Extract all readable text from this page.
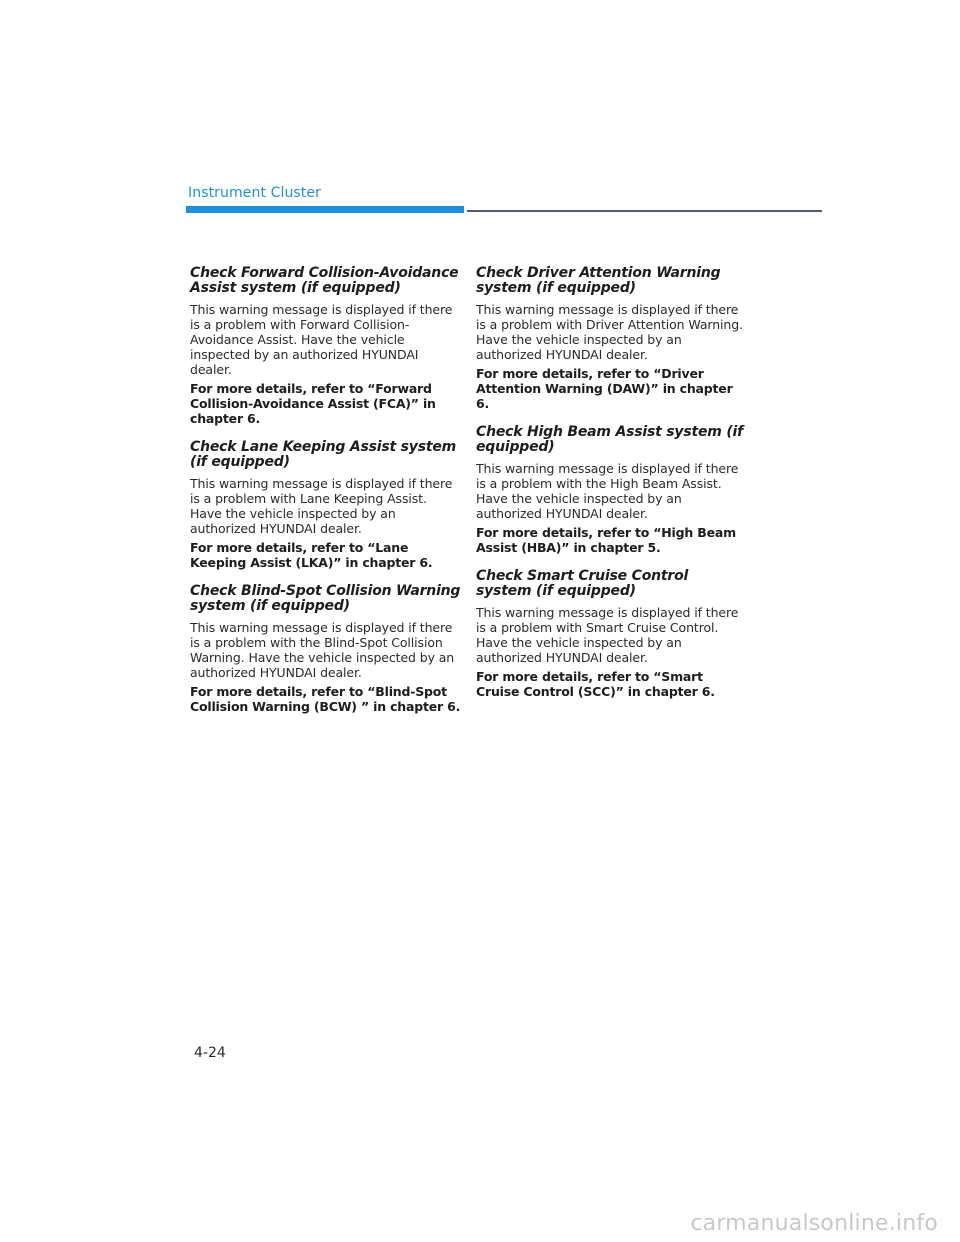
Instrument Cluster
Check Forward Collision-Avoidance Assist system (if equipped)

This warning message is displayed if there is a problem with Forward Collision-Avoidance Assist. Have the vehicle inspected by an authorized HYUNDAI dealer.

For more details, refer to “Forward Collision-Avoidance Assist (FCA)” in chapter 6.

Check Lane Keeping Assist system (if equipped)

This warning message is displayed if there is a problem with Lane Keeping Assist. Have the vehicle inspected by an authorized HYUNDAI dealer.

For more details, refer to “Lane Keeping Assist (LKA)” in chapter 6.

Check Blind-Spot Collision Warning system (if equipped)

This warning message is displayed if there is a problem with the Blind-Spot Collision Warning. Have the vehicle inspected by an authorized HYUNDAI dealer.

For more details, refer to “Blind-Spot Collision Warning (BCW) ” in chapter 6.

Check Driver Attention Warning system (if equipped)

This warning message is displayed if there is a problem with Driver Attention Warning. Have the vehicle inspected by an authorized HYUNDAI dealer.

For more details, refer to “Driver Attention Warning (DAW)” in chapter 6.

Check High Beam Assist system (if equipped)

This warning message is displayed if there is a problem with the High Beam Assist. Have the vehicle inspected by an authorized HYUNDAI dealer.

For more details, refer to “High Beam Assist (HBA)” in chapter 5.

Check Smart Cruise Control system (if equipped)

This warning message is displayed if there is a problem with Smart Cruise Control. Have the vehicle inspected by an authorized HYUNDAI dealer.

For more details, refer to “Smart Cruise Control (SCC)” in chapter 6.

4-24
carmanualsonline.info
